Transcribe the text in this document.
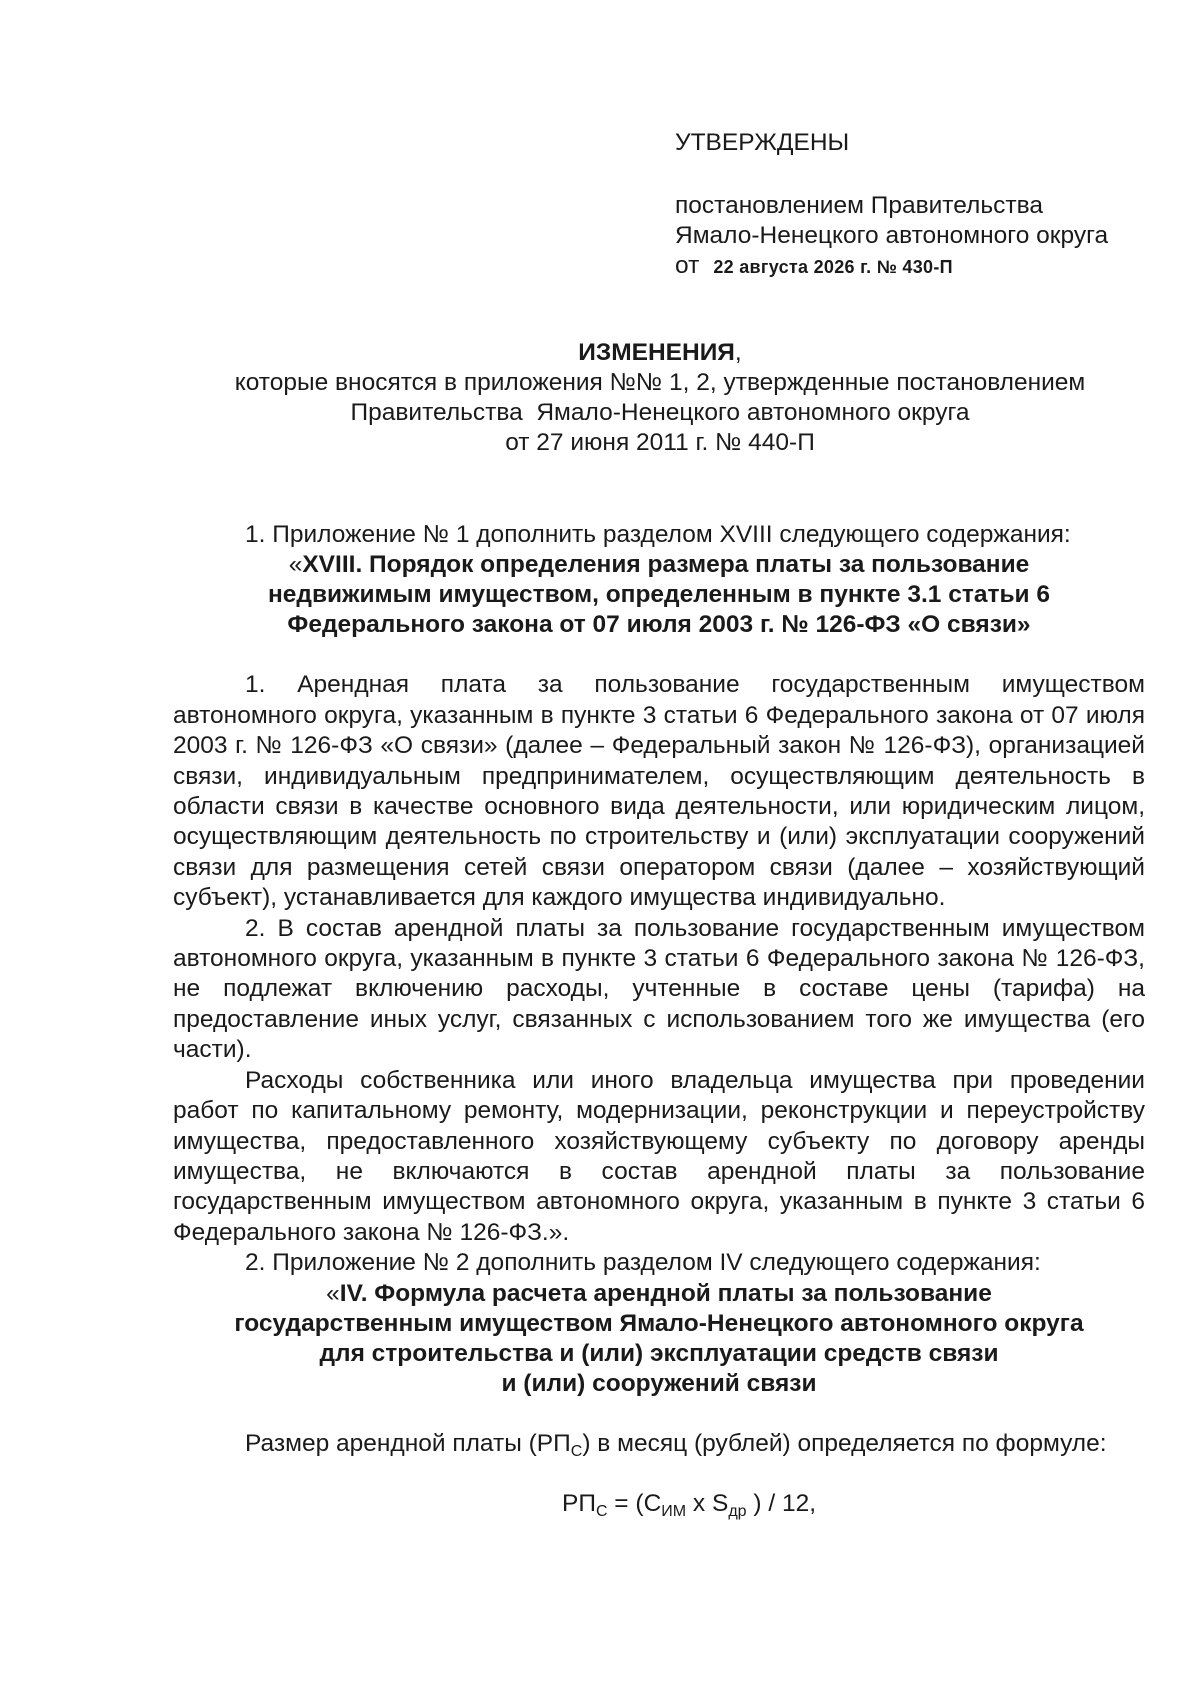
УТВЕРЖДЕНЫ

постановлением Правительства

Ямало-Ненецкого автономного округа

от 22 августа 2026 г. № 430-П

ИЗМЕНЕНИЯ,

которые вносятся в приложения №№ 1, 2, утвержденные постановлением

Правительства  Ямало-Ненецкого автономного округа

от 27 июня 2011 г. № 440-П

1. Приложение № 1 дополнить разделом XVIII следующего содержания:

«XVIII. Порядок определения размера платы за пользование
недвижимым имуществом, определенным в пункте 3.1 статьи 6
Федерального закона от 07 июля 2003 г. № 126-ФЗ «О связи»

1. Арендная плата за пользование государственным имуществом автономного округа, указанным в пункте 3 статьи 6 Федерального закона от 07 июля 2003 г. № 126-ФЗ «О связи» (далее – Федеральный закон № 126-ФЗ), организацией связи, индивидуальным предпринимателем, осуществляющим деятельность в области связи в качестве основного вида деятельности, или юридическим лицом, осуществляющим деятельность по строительству и (или) эксплуатации сооружений связи для размещения сетей связи оператором связи (далее – хозяйствующий субъект), устанавливается для каждого имущества индивидуально.

2. В состав арендной платы за пользование государственным имуществом автономного округа, указанным в пункте 3 статьи 6 Федерального закона № 126-ФЗ, не подлежат включению расходы, учтенные в составе цены (тарифа) на предоставление иных услуг, связанных с использованием того же имущества (его части).

Расходы собственника или иного владельца имущества при проведении работ по капитальному ремонту, модернизации, реконструкции и переустройству имущества, предоставленного хозяйствующему субъекту по договору аренды имущества, не включаются в состав арендной платы за пользование государственным имуществом автономного округа, указанным в пункте 3 статьи 6 Федерального закона № 126-ФЗ.».

2. Приложение № 2 дополнить разделом IV следующего содержания:

«IV. Формула расчета арендной платы за пользование
государственным имуществом Ямало-Ненецкого автономного округа
для строительства и (или) эксплуатации средств связи
и (или) сооружений связи

Размер арендной платы $(РП_С)$ в месяц (рублей) определяется по формуле:

$РП_С = (С_{ИМ}$ х $S_{др}$ ) / 12,
